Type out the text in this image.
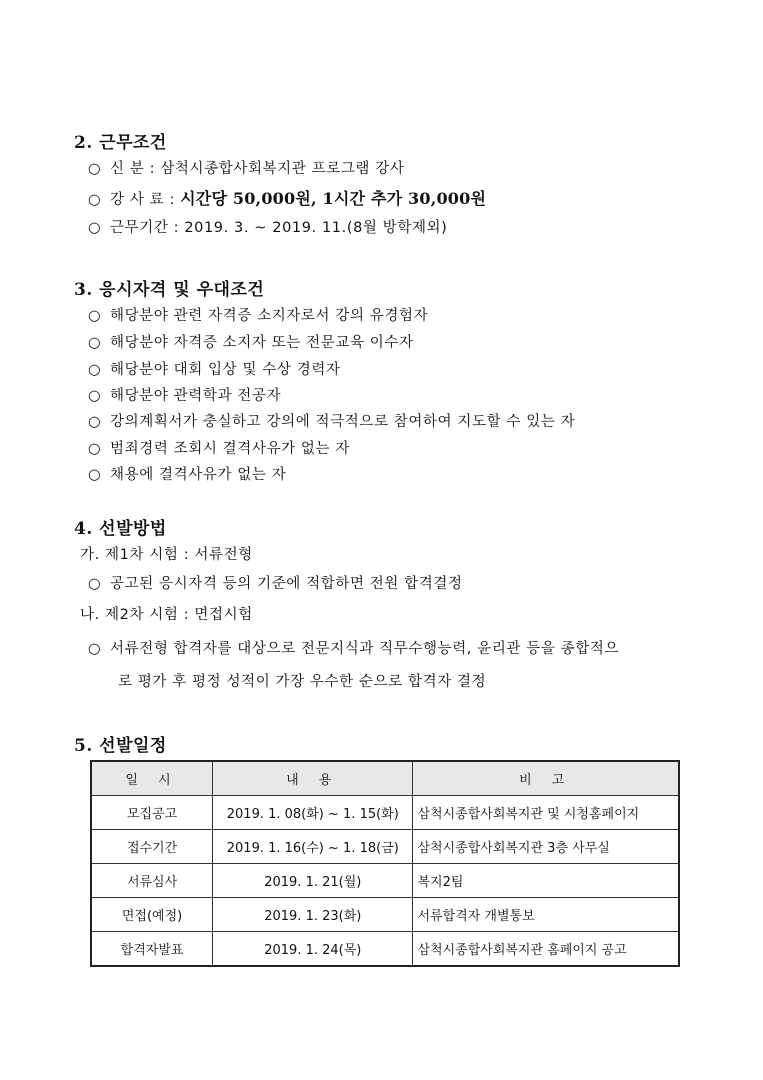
2. 근무조건
○ 신 분 : 삼척시종합사회복지관 프로그램 강사
○ 강 사 료 : 시간당 50,000원, 1시간 추가 30,000원
○ 근무기간 : 2019. 3. ~ 2019. 11.(8월 방학제외)
3. 응시자격 및 우대조건
○ 해당분야 관련 자격증 소지자로서 강의 유경험자
○ 해당분야 자격증 소지자 또는 전문교육 이수자
○ 해당분야 대회 입상 및 수상 경력자
○ 해당분야 관력학과 전공자
○ 강의계획서가 충실하고 강의에 적극적으로 참여하여 지도할 수 있는 자
○ 범죄경력 조회시 결격사유가 없는 자
○ 채용에 결격사유가 없는 자
4. 선발방법
가. 제1차 시험 : 서류전형
○ 공고된 응시자격 등의 기준에 적합하면 전원 합격결정
나. 제2차 시험 : 면접시험
○ 서류전형 합격자를 대상으로 전문지식과 직무수행능력, 윤리관 등을 종합적으
로 평가 후 평정 성적이 가장 우수한 순으로 합격자 결정
5. 선발일정
일 시	내 용	비 고
모집공고	2019. 1. 08(화) ~ 1. 15(화)	삼척시종합사회복지관 및 시청홈페이지
접수기간	2019. 1. 16(수) ~ 1. 18(금)	삼척시종합사회복지관 3층 사무실
서류심사	2019. 1. 21(월)	복지2팀
면접(예정)	2019. 1. 23(화)	서류합격자 개별통보
합격자발표	2019. 1. 24(목)	삼척시종합사회복지관 홈페이지 공고
